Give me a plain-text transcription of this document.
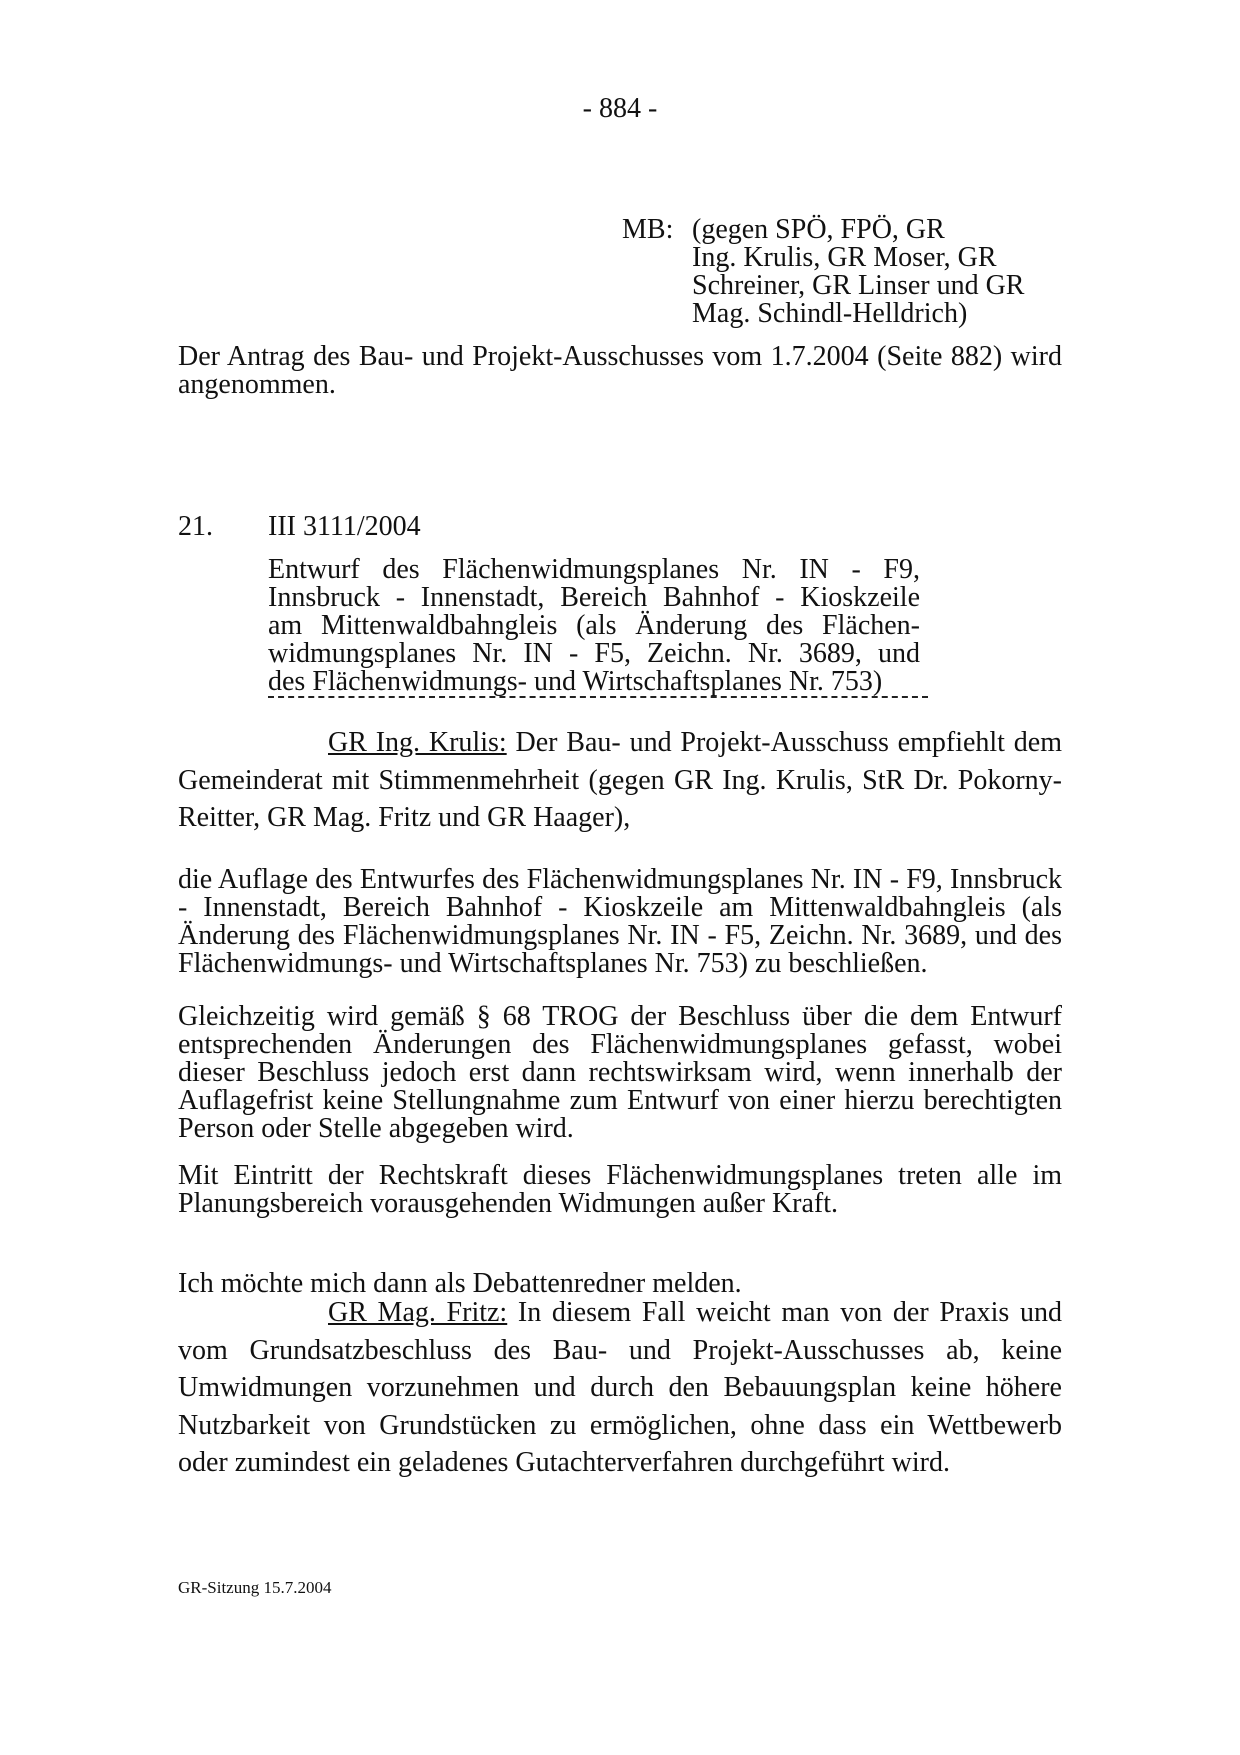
- 884 -
MB: (gegen SPÖ, FPÖ, GR
Ing. Krulis, GR Moser, GR
Schreiner, GR Linser und GR
Mag. Schindl-Helldrich)
Der Antrag des Bau- und Projekt-Ausschusses vom 1.7.2004 (Seite 882) wird angenommen.
21. III 3111/2004
Entwurf des Flächenwidmungsplanes Nr. IN - F9,
Innsbruck - Innenstadt, Bereich Bahnhof - Kioskzeile
am Mittenwaldbahngleis (als Änderung des Flächen-
widmungsplanes Nr. IN - F5, Zeichn. Nr. 3689, und
des Flächenwidmungs- und Wirtschaftsplanes Nr. 753)
GR Ing. Krulis: Der Bau- und Projekt-Ausschuss empfiehlt dem Gemeinderat mit Stimmenmehrheit (gegen GR Ing. Krulis, StR Dr. Pokorny-Reitter, GR Mag. Fritz und GR Haager),
die Auflage des Entwurfes des Flächenwidmungsplanes Nr. IN - F9, Innsbruck - Innenstadt, Bereich Bahnhof - Kioskzeile am Mittenwaldbahngleis (als Änderung des Flächenwidmungsplanes Nr. IN - F5, Zeichn. Nr. 3689, und des Flächenwidmungs- und Wirtschaftsplanes Nr. 753) zu beschließen.
Gleichzeitig wird gemäß § 68 TROG der Beschluss über die dem Entwurf entsprechenden Änderungen des Flächenwidmungsplanes gefasst, wobei dieser Beschluss jedoch erst dann rechtswirksam wird, wenn innerhalb der Auflagefrist keine Stellungnahme zum Entwurf von einer hierzu berechtigten Person oder Stelle abgegeben wird.
Mit Eintritt der Rechtskraft dieses Flächenwidmungsplanes treten alle im Planungsbereich vorausgehenden Widmungen außer Kraft.
Ich möchte mich dann als Debattenredner melden.
GR Mag. Fritz: In diesem Fall weicht man von der Praxis und vom Grundsatzbeschluss des Bau- und Projekt-Ausschusses ab, keine Umwidmungen vorzunehmen und durch den Bebauungsplan keine höhere Nutzbarkeit von Grundstücken zu ermöglichen, ohne dass ein Wettbewerb oder zumindest ein geladenes Gutachterverfahren durchgeführt wird.
GR-Sitzung 15.7.2004
